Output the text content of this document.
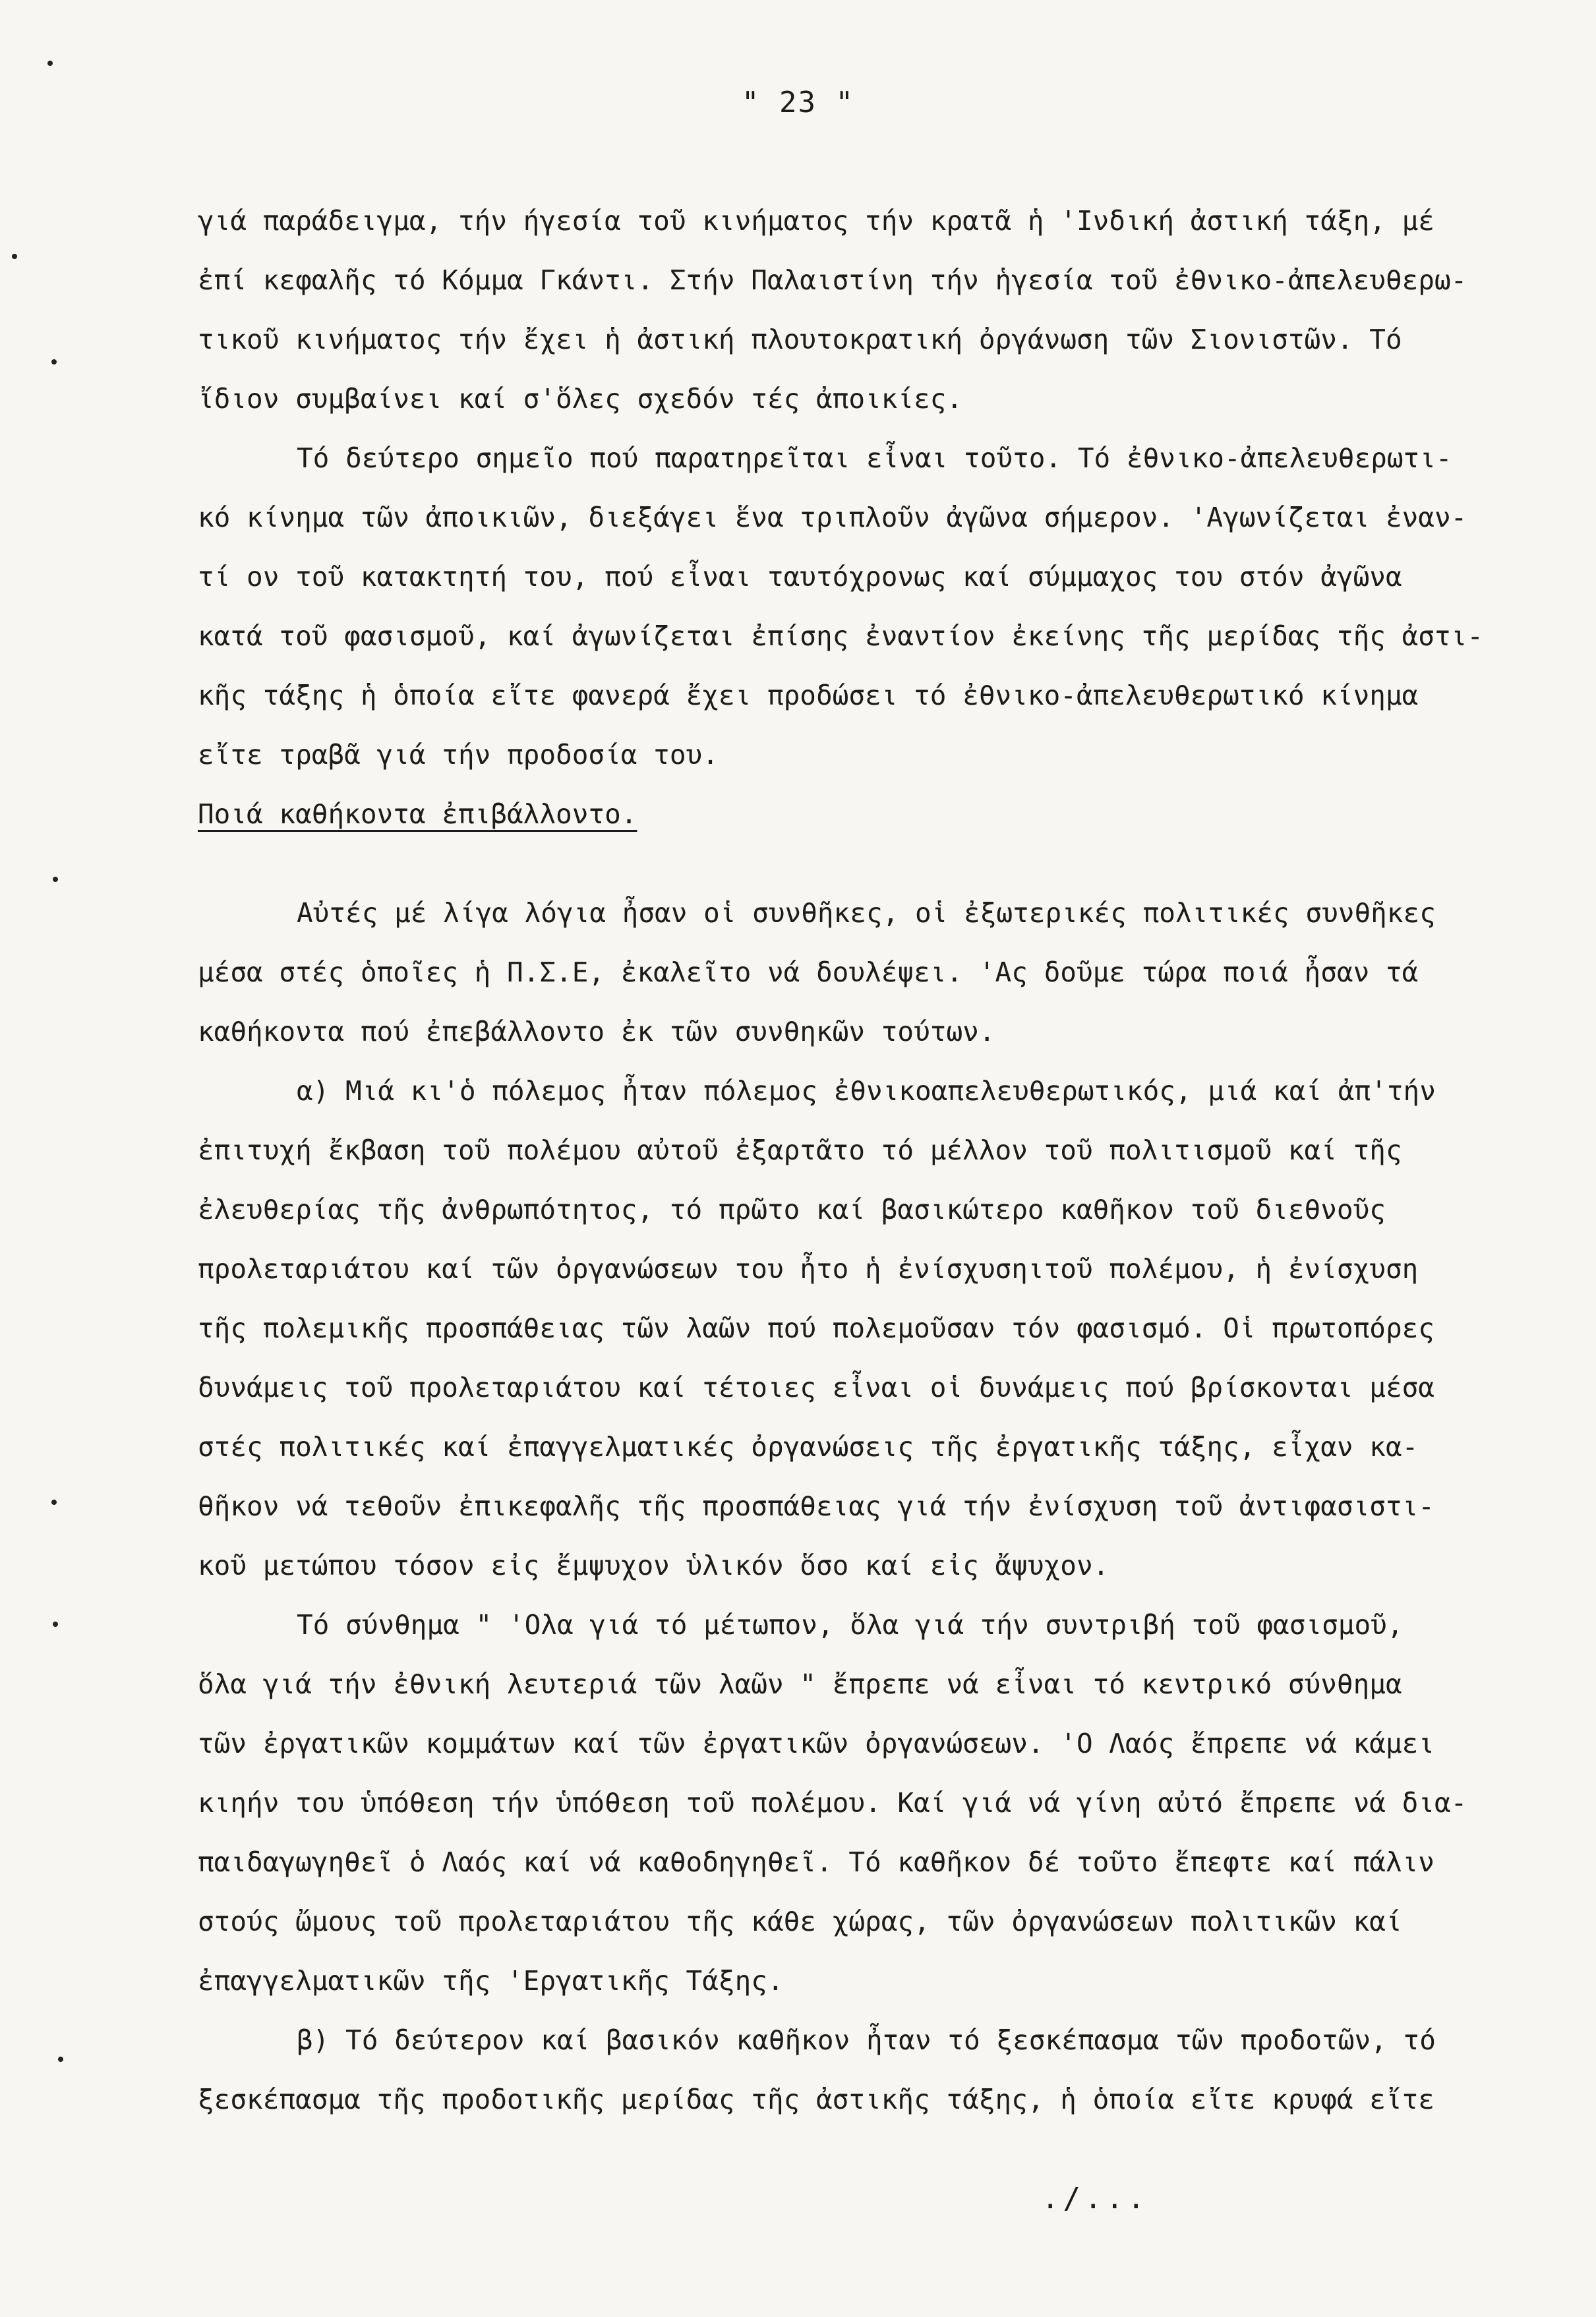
" 23 "
γιά παράδειγμα, τήν ήγεσία τοῦ κινήματος τήν κρατᾶ ἡ 'Ινδική ἀστική τάξη, μέ
ἐπί κεφαλῆς τό Κόμμα Γκάντι. Στήν Παλαιστίνη τήν ἡγεσία τοῦ ἐθνικο-ἀπελευθερω-
τικοῦ κινήματος τήν ἔχει ἡ ἀστική πλουτοκρατική ὀργάνωση τῶν Σιονιστῶν. Τό
ἴδιον συμβαίνει καί σ'ὅλες σχεδόν τές ἀποικίες.
Τό δεύτερο σημεῖο πού παρατηρεῖται εἶναι τοῦτο. Τό ἐθνικο-ἀπελευθερωτι-
κό κίνημα τῶν ἀποικιῶν, διεξάγει ἕνα τριπλοῦν ἀγῶνα σήμερον. 'Αγωνίζεται ἐναν-
τί ον τοῦ κατακτητή του, πού εἶναι ταυτόχρονως καί σύμμαχος του στόν ἀγῶνα
κατά τοῦ φασισμοῦ, καί ἀγωνίζεται ἐπίσης ἐναντίον ἐκείνης τῆς μερίδας τῆς ἀστι-
κῆς τάξης ἡ ὁποία εἴτε φανερά ἔχει προδώσει τό ἐθνικο-ἀπελευθερωτικό κίνημα
εἴτε τραβᾶ γιά τήν προδοσία του.
Ποιά καθήκοντα ἐπιβάλλοντο.
Αὐτές μέ λίγα λόγια ἦσαν οἱ συνθῆκες, οἱ ἐξωτερικές πολιτικές συνθῆκες
μέσα στές ὁποῖες ἡ Π.Σ.Ε, ἐκαλεῖτο νά δουλέψει. 'Ας δοῦμε τώρα ποιά ἦσαν τά
καθήκοντα πού ἐπεβάλλοντο ἐκ τῶν συνθηκῶν τούτων.
α) Μιά κι'ὁ πόλεμος ἦταν πόλεμος ἐθνικοαπελευθερωτικός, μιά καί ἀπ'τήν
ἐπιτυχή ἔκβαση τοῦ πολέμου αὐτοῦ ἐξαρτᾶτο τό μέλλον τοῦ πολιτισμοῦ καί τῆς
ἐλευθερίας τῆς ἀνθρωπότητος, τό πρῶτο καί βασικώτερο καθῆκον τοῦ διεθνοῦς
προλεταριάτου καί τῶν ὀργανώσεων του ἦτο ἡ ἐνίσχυσηιτοῦ πολέμου, ἡ ἐνίσχυση
τῆς πολεμικῆς προσπάθειας τῶν λαῶν πού πολεμοῦσαν τόν φασισμό. Οἱ πρωτοπόρες
δυνάμεις τοῦ προλεταριάτου καί τέτοιες εἶναι οἱ δυνάμεις πού βρίσκονται μέσα
στές πολιτικές καί ἐπαγγελματικές ὀργανώσεις τῆς ἐργατικῆς τάξης, εἶχαν κα-
θῆκον νά τεθοῦν ἐπικεφαλῆς τῆς προσπάθειας γιά τήν ἐνίσχυση τοῦ ἀντιφασιστι-
κοῦ μετώπου τόσον εἰς ἔμψυχον ὑλικόν ὅσο καί εἰς ἄψυχον.
Τό σύνθημα " 'Ολα γιά τό μέτωπον, ὅλα γιά τήν συντριβή τοῦ φασισμοῦ,
ὅλα γιά τήν ἐθνική λευτεριά τῶν λαῶν " ἔπρεπε νά εἶναι τό κεντρικό σύνθημα
τῶν ἐργατικῶν κομμάτων καί τῶν ἐργατικῶν ὀργανώσεων. 'Ο Λαός ἔπρεπε νά κάμει
κιηήν του ὑπόθεση τήν ὑπόθεση τοῦ πολέμου. Καί γιά νά γίνη αὐτό ἔπρεπε νά δια-
παιδαγωγηθεῖ ὁ Λαός καί νά καθοδηγηθεῖ. Τό καθῆκον δέ τοῦτο ἔπεφτε καί πάλιν
στούς ὤμους τοῦ προλεταριάτου τῆς κάθε χώρας, τῶν ὀργανώσεων πολιτικῶν καί
ἐπαγγελματικῶν τῆς 'Εργατικῆς Τάξης.
β) Τό δεύτερον καί βασικόν καθῆκον ἦταν τό ξεσκέπασμα τῶν προδοτῶν, τό
ξεσκέπασμα τῆς προδοτικῆς μερίδας τῆς ἀστικῆς τάξης, ἡ ὁποία εἴτε κρυφά εἴτε
./...
